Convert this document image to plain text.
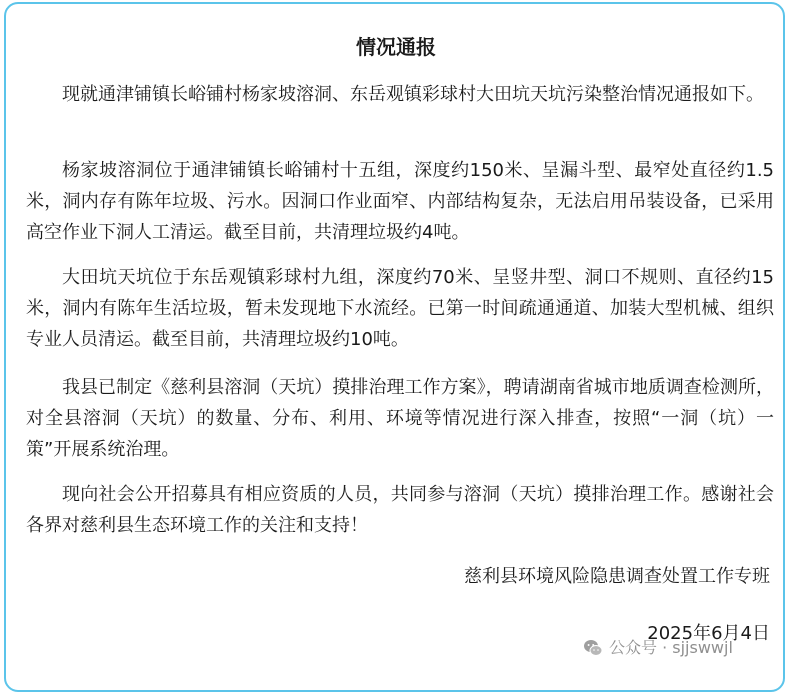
情况通报

现就通津铺镇长峪铺村杨家坡溶洞、东岳观镇彩球村大田坑天坑污染整治情况通报如下。

杨家坡溶洞位于通津铺镇长峪铺村十五组，深度约150米、呈漏斗型、最窄处直径约1.5米，洞内存有陈年垃圾、污水。因洞口作业面窄、内部结构复杂，无法启用吊装设备，已采用高空作业下洞人工清运。截至目前，共清理垃圾约4吨。

大田坑天坑位于东岳观镇彩球村九组，深度约70米、呈竖井型、洞口不规则、直径约15米，洞内有陈年生活垃圾，暂未发现地下水流经。已第一时间疏通通道、加装大型机械、组织专业人员清运。截至目前，共清理垃圾约10吨。

我县已制定《慈利县溶洞（天坑）摸排治理工作方案》，聘请湖南省城市地质调查检测所，对全县溶洞（天坑）的数量、分布、利用、环境等情况进行深入排查，按照“一洞（坑）一策”开展系统治理。

现向社会公开招募具有相应资质的人员，共同参与溶洞（天坑）摸排治理工作。感谢社会各界对慈利县生态环境工作的关注和支持！

慈利县环境风险隐患调查处置工作专班
2025年6月4日
公众号 · sjjswwjl
